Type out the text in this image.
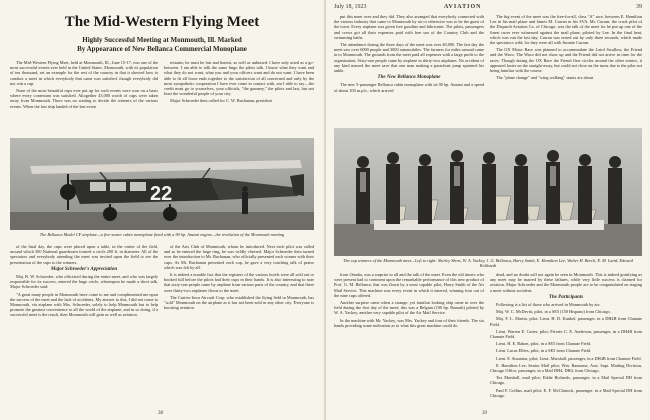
The Mid-Western Flying Meet
Highly Successful Meeting at Monmouth, Ill. Marked
By Appearance of New Bellanca Commercial Monoplane

The Mid-Western Flying Meet, held at Monmouth, Ill., June 15-17, was one of the most successful events ever held in the United States. Monmouth, with its population of ten thousand, set an example for the rest of the country in that it showed how to conduct a meet in which everybody that came was satisfied, though everybody did not win a cup.

None of the most beautiful cups ever put up for such events were won on a basis where every contestant was satisfied. Altogether 45,000 worth of cups were taken away from Monmouth. There was no waiting to decide the winners of the various events. When the last ship landed of the last event

testants; he must be fair and honest, as well as unbiased. I have only acted as a go-between. I am able to talk the same lingo the pilots talk. I know what they want and what they do not want, what you and your officers want and do not want. I have been able to fit all loose ends together to the satisfaction of all concerned and only by the most sympathetic cooperation I have ever come in contact with, am I able to say—the credit must go to yourselves, your officials, "the gunnery," the pilots and last, but not least the wonderful people of your city.

Major Schroeder then called for C. W. Buchanan, president

22
The Bellanca Model CF airplane—a five-seater cabin monoplane fitted with a 90 hp. Anzani engine—the revelation of the Monmouth meeting

of the final day, the cups were placed upon a table, in the center of the field, around which 300 National guardsmen formed a circle 200 ft. in diameter. All of the spectators and everybody attending the meet was invited upon the field to see the presentation of the cups to the winners.

Major Schroeder's Appreciation

Maj. R. W. Schroeder, who officiated during the entire meet, and who was largely responsible for its success, entered the huge circle, whereupon he made a short talk. Major Schroeder said:

"A great many people in Monmouth have come to me and complimented me upon the success of the meet and the lack of accidents. My answer to this, I did not come to Monmouth, via airplane with Mrs. Schroeder, solely to help Monmouth but to help promote the greatest convenience to all the world of the airplane, and in so doing, if a successful meet is the result, then Monmouth will gain as well as aviation.

of the Arts Club of Monmouth, whom he introduced. Next each pilot was called and as he entered the huge ring, he was wildly cheered. Major Schroeder then turned over the introduction to Mr. Buchanan, who officially presented each winner with their cups. As Mr. Buchanan presented each cup, he gave a very touching talk of praise which was felt by all.

It is indeed a notable fact that the registers of the various hotels were all sold out or booked full before the pilots had their cups in their hands. It is also interesting to note that sixty-one people came by airplane from various parts of the country, and that there were thirty-two airplanes flown to the meet.

The Curtiss-Iowa Aircraft Corp. who established the flying field in Monmouth, has "sold" Monmouth on the airplane as it has not been sold in any other city. Everyone is boosting aviation.

38
July 18, 1923	AVIATION	39

put this meet over and they did. They also arranged that everybody connected with the various industry that came to Monmouth by air or otherwise was to be the guest of the town. Every airplane was given free gasoline and lubricants. The pilots, passengers and crews got all their expenses paid with free use of the Country Club and the swimming baths.

The attendance during the three days of the meet was over 40,000. The last day the meet saw over 6000 people and 3000 automobiles. The farmers for miles around came in to Monmouth. The grounds from the meet paid all expenses with a large profit to the organization. Sixty-one people came by airplane in thirty-two airplanes. No accident of any kind marred the meet save that one man making a parachute jump sprained his ankle.

The New Bellanca Monoplane

The new 5-passenger Bellanca cabin monoplane with its 90 hp. Anzani and a speed of about 100 m.p.h., which arrived

The big event of the meet was the free-for-all, class "A" race, between E. Hamilton Lee in his mail plane and James M. Curran in his SVA. Mr. Curran, the crack pilot of the Dispatch Aviation Co. of Chicago, was the talk of the meet for he put up one of the finest races ever witnessed against the mail plane, piloted by Lee. In the final heat, which was run the last day, Curran was nosed out by only three seconds, which made the spectators wild, for they were all with Jimmie Curran.

The OX Motor Race was planned to accommodate the Laird Swallow, the Friend and the Waco. The Waco did not show up and the Friend did not arrive in time for the races. Though during the OX Race the Friend flew circles around the other entries, it appeared faster on the straight-away, but could not close on the turns due to the pilot not being familiar with the course.

The "plane change" and "wing walking" stunts are about

The cup winners of the Monmouth meet—Left to right: Shirley Short, W. A. Yackey, J. G. Bellanca, Harry Smith, E. Hamilton Lee, Walter H. Beech, E. M. Laird, Edward Kohlstedt

from Omaha, was a surprise to all and the talk of the meet. Even the old timers who were present had to comment upon the remarkable performance of this new product of Prof. G. M. Bellanca, that was flown by a most capable pilot, Harry Smith of the Air Mail Service. This machine was every event in which it entered, winning four out of the nine cups offered.

Another surprise came when a strange, yet familiar looking ship came in over the field during the first day of the meet; this was a Belgian (100 hp. Renault) piloted by W. A. Yackey, another very capable pilot of the Air Mail Service.

In the machine with Mr. Yackey, was Mrs. Yackey and four of their friends. The six hands providing some indication as to what this great machine could do.

dead, and no doubt will not again be seen in Monmouth. This is indeed gratifying as any meet may be marred by these failures, while very little success is claimed for aviation. Major Schroeder and the Monmouth people are to be congratulated on staging a meet without accident.

The Participants

Following is a list of those who arrived in Monmouth by air:

Maj. W. C. McDevitt, pilot, in a SE5 (150 Hispano) from Chicago.

Maj. F. L. Martin, pilot; Lieut. H. D. Kunkel, passenger, in a DH4B from Chanute Field.

Lieut. Warren E. Carter, pilot; Private C. E. Anderson, passenger, in a DH4B from Chanute Field.

Lieut. H. E. Bakon, pilot, in a SE5 from Chanute Field.

Lieut. Lucas Ellers, pilot, in a SE5 from Chanute Field.

Lieut. E. Staunton, pilot; Lieut. Marshall, passenger, in a DH4B from Chanute Field.

E. Hamilton Lee, Senior Mail pilot; Wm. Ransome, Asst. Supt. Mailing Division, Chicago Office, passenger, in a Mail DH4, DH4, from Chicago.

Tex Marshall, mail pilot; Eddie Richards, passenger, in a Mail Special DH from Chicago.

Paul F. Collins, mail pilot; E. F. McClintock, passenger, in a Mail Special DH from Chicago.

39
